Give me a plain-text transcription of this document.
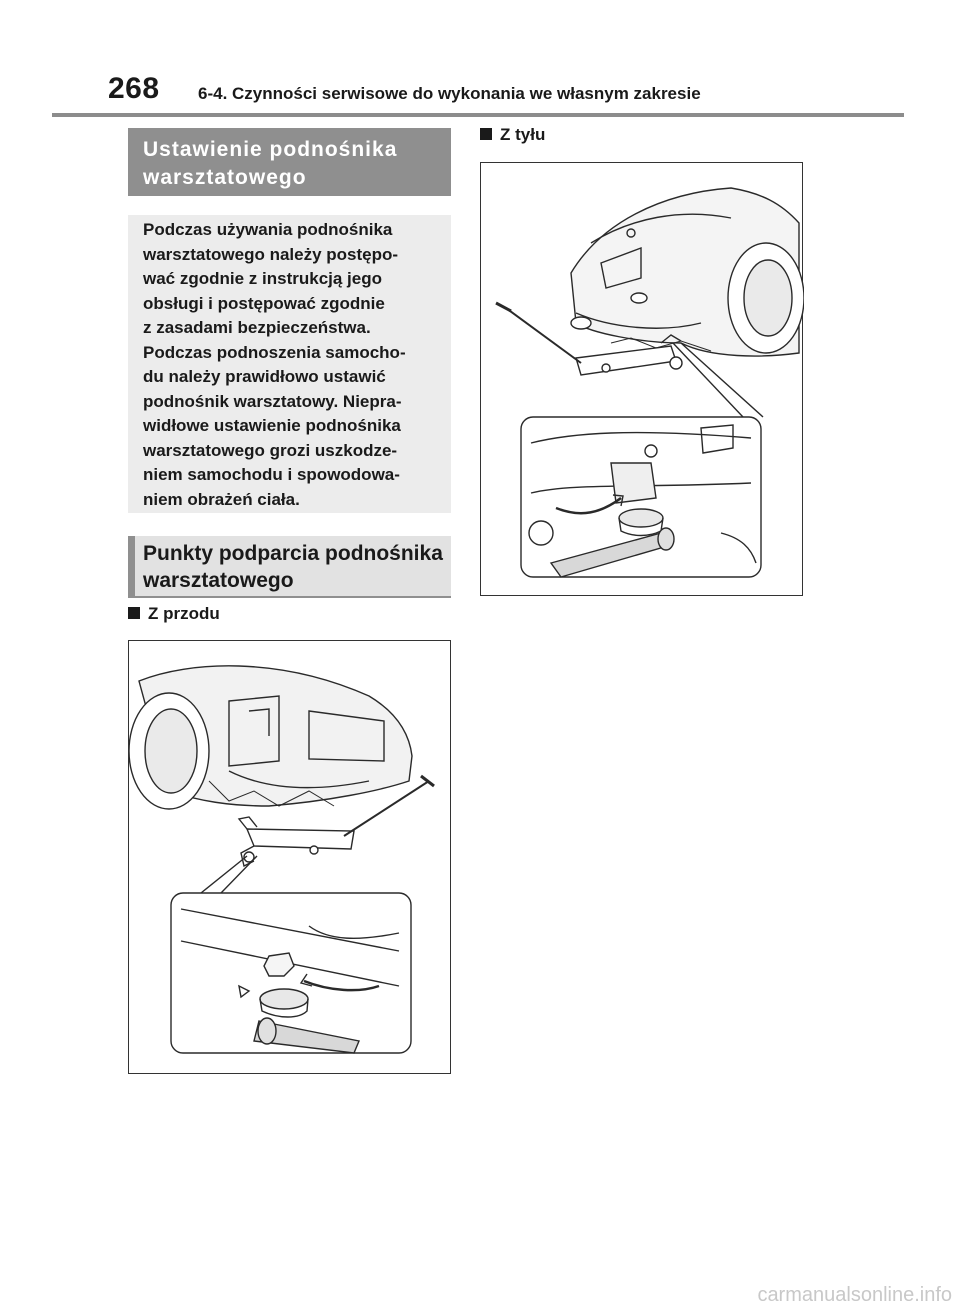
268 6-4. Czynności serwisowe do wykonania we własnym zakresie
Ustawienie podnośnika
warsztatowego
Podczas używania podnośnika
warsztatowego należy postępo-
wać zgodnie z instrukcją jego
obsługi i postępować zgodnie
z zasadami bezpieczeństwa.
Podczas podnoszenia samocho-
du należy prawidłowo ustawić
podnośnik warsztatowy. Niepra-
widłowe ustawienie podnośnika
warsztatowego grozi uszkodze-
niem samochodu i spowodowa-
niem obrażeń ciała.
Punkty podparcia podnośnika
warsztatowego
Z przodu
Z tyłu
carmanualsonline.info
